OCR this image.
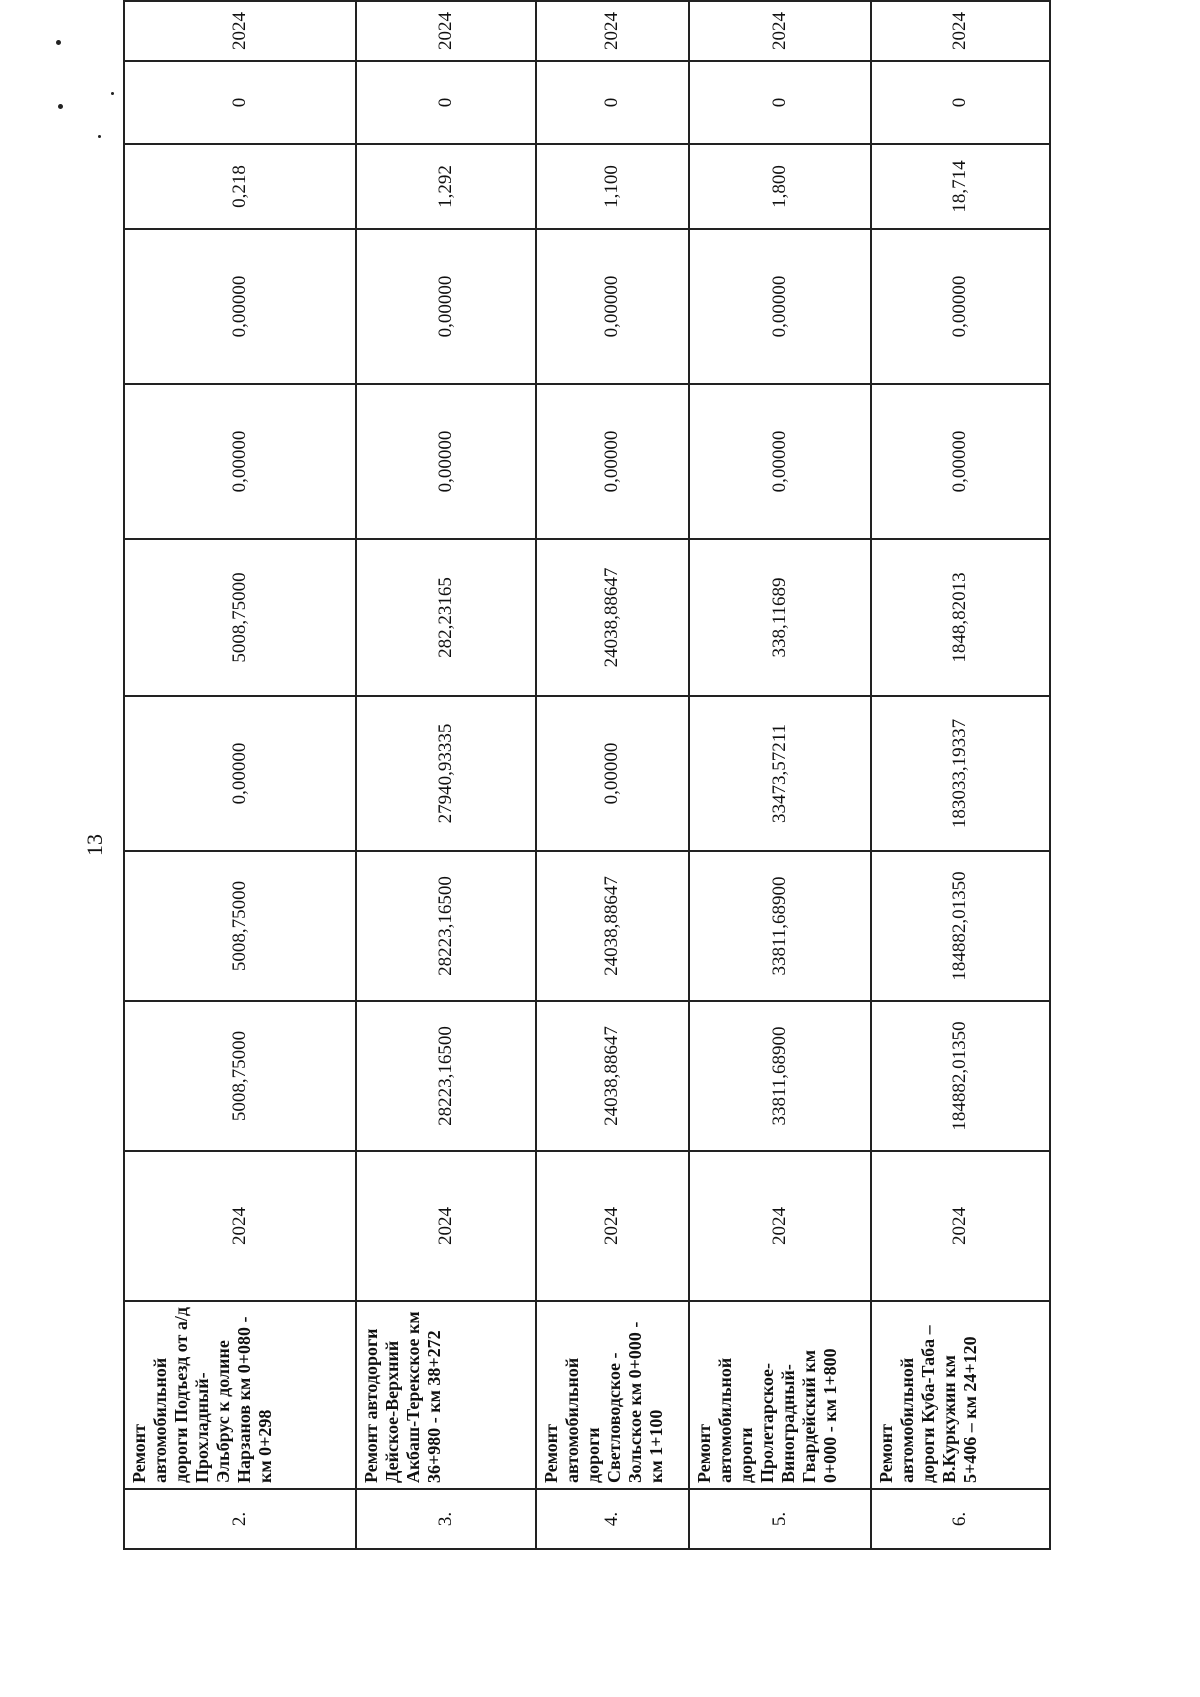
13
2.	Ремонт автомобильной дороги Подъезд от а/д Прохладный-Эльбрус к долине Нарзанов км 0+080 - км 0+298	2024	5008,75000	5008,75000	0,00000	5008,75000	0,00000	0,00000	0,218	0	2024
3.	Ремонт автодороги Дейское-Верхний Акбаш-Терекское км 36+980 - км 38+272	2024	28223,16500	28223,16500	27940,93335	282,23165	0,00000	0,00000	1,292	0	2024
4.	Ремонт автомобильной дороги Светловодское - Зольское км 0+000 - км 1+100	2024	24038,88647	24038,88647	0,00000	24038,88647	0,00000	0,00000	1,100	0	2024
5.	Ремонт автомобильной дороги Пролетарское-Виноградный-Гвардейский км 0+000 - км 1+800	2024	33811,68900	33811,68900	33473,57211	338,11689	0,00000	0,00000	1,800	0	2024
6.	Ремонт автомобильной дороги Куба-Таба – В.Куркужин км 5+406 – км 24+120	2024	184882,01350	184882,01350	183033,19337	1848,82013	0,00000	0,00000	18,714	0	2024
